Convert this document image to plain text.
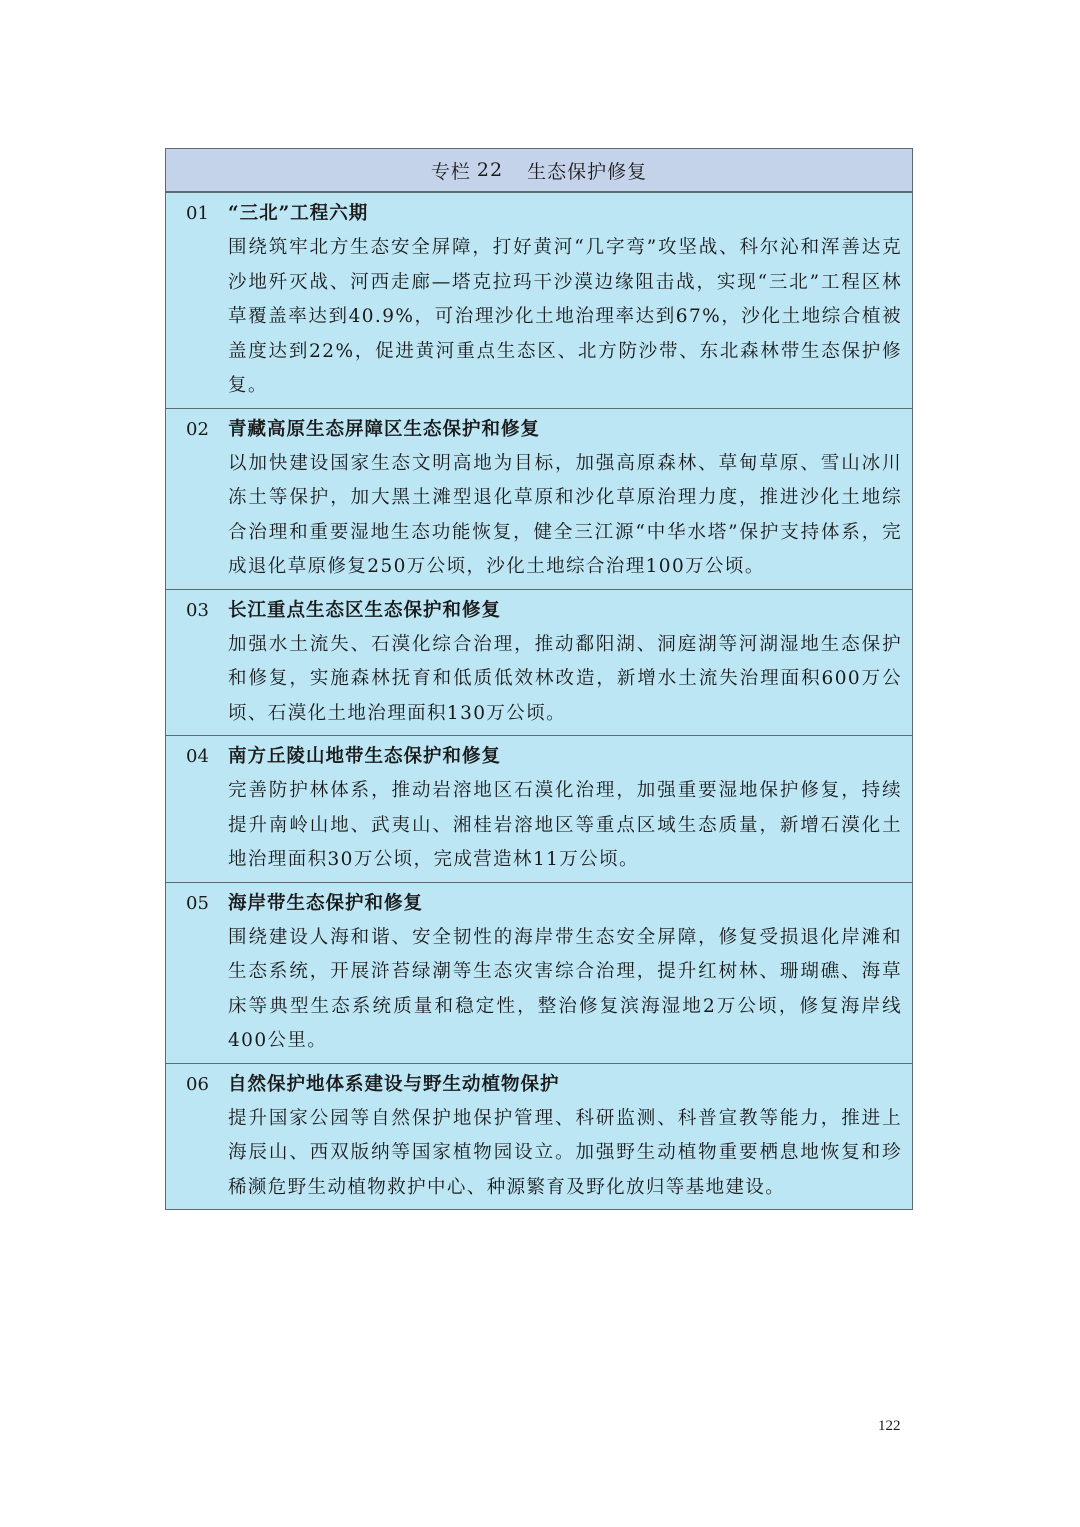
专栏 22 生态保护修复
01	“三北”工程六期
围绕筑牢北方生态安全屏障，打好黄河“几字弯”攻坚战、科尔沁和浑善达克沙地歼灭战、河西走廊—塔克拉玛干沙漠边缘阻击战，实现“三北”工程区林草覆盖率达到40.9%，可治理沙化土地治理率达到67%，沙化土地综合植被盖度达到22%，促进黄河重点生态区、北方防沙带、东北森林带生态保护修复。
02	青藏高原生态屏障区生态保护和修复
以加快建设国家生态文明高地为目标，加强高原森林、草甸草原、雪山冰川冻土等保护，加大黑土滩型退化草原和沙化草原治理力度，推进沙化土地综合治理和重要湿地生态功能恢复，健全三江源“中华水塔”保护支持体系，完成退化草原修复250万公顷，沙化土地综合治理100万公顷。
03	长江重点生态区生态保护和修复
加强水土流失、石漠化综合治理，推动鄱阳湖、洞庭湖等河湖湿地生态保护和修复，实施森林抚育和低质低效林改造，新增水土流失治理面积600万公顷、石漠化土地治理面积130万公顷。
04	南方丘陵山地带生态保护和修复
完善防护林体系，推动岩溶地区石漠化治理，加强重要湿地保护修复，持续提升南岭山地、武夷山、湘桂岩溶地区等重点区域生态质量，新增石漠化土地治理面积30万公顷，完成营造林11万公顷。
05	海岸带生态保护和修复
围绕建设人海和谐、安全韧性的海岸带生态安全屏障，修复受损退化岸滩和生态系统，开展浒苔绿潮等生态灾害综合治理，提升红树林、珊瑚礁、海草床等典型生态系统质量和稳定性，整治修复滨海湿地2万公顷，修复海岸线400公里。
06	自然保护地体系建设与野生动植物保护
提升国家公园等自然保护地保护管理、科研监测、科普宣教等能力，推进上海辰山、西双版纳等国家植物园设立。加强野生动植物重要栖息地恢复和珍稀濒危野生动植物救护中心、种源繁育及野化放归等基地建设。
122
